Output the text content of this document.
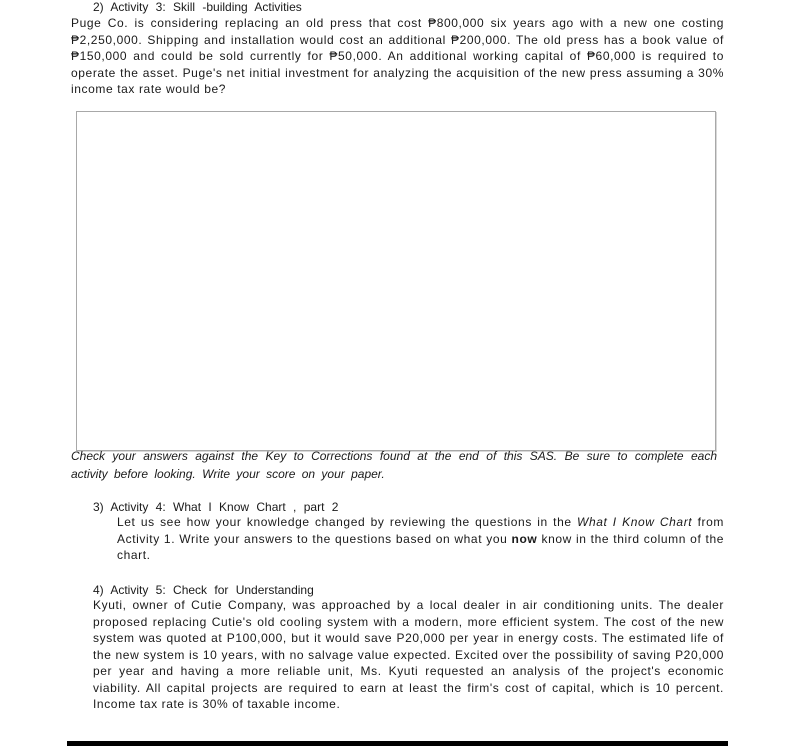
2) Activity 3: Skill -building Activities
Puge Co. is considering replacing an old press that cost ₱800,000 six years ago with a new one costing ₱2,250,000. Shipping and installation would cost an additional ₱200,000. The old press has a book value of ₱150,000 and could be sold currently for ₱50,000. An additional working capital of ₱60,000 is required to operate the asset. Puge's net initial investment for analyzing the acquisition of the new press assuming a 30% income tax rate would be?
Check your answers against the Key to Corrections found at the end of this SAS. Be sure to complete each activity before looking. Write your score on your paper.
3) Activity 4: What I Know Chart , part 2
Let us see how your knowledge changed by reviewing the questions in the What I Know Chart from Activity 1. Write your answers to the questions based on what you now know in the third column of the chart.
4) Activity 5: Check for Understanding
Kyuti, owner of Cutie Company, was approached by a local dealer in air conditioning units. The dealer proposed replacing Cutie's old cooling system with a modern, more efficient system. The cost of the new system was quoted at P100,000, but it would save P20,000 per year in energy costs. The estimated life of the new system is 10 years, with no salvage value expected. Excited over the possibility of saving P20,000 per year and having a more reliable unit, Ms. Kyuti requested an analysis of the project's economic viability. All capital projects are required to earn at least the firm's cost of capital, which is 10 percent. Income tax rate is 30% of taxable income.
